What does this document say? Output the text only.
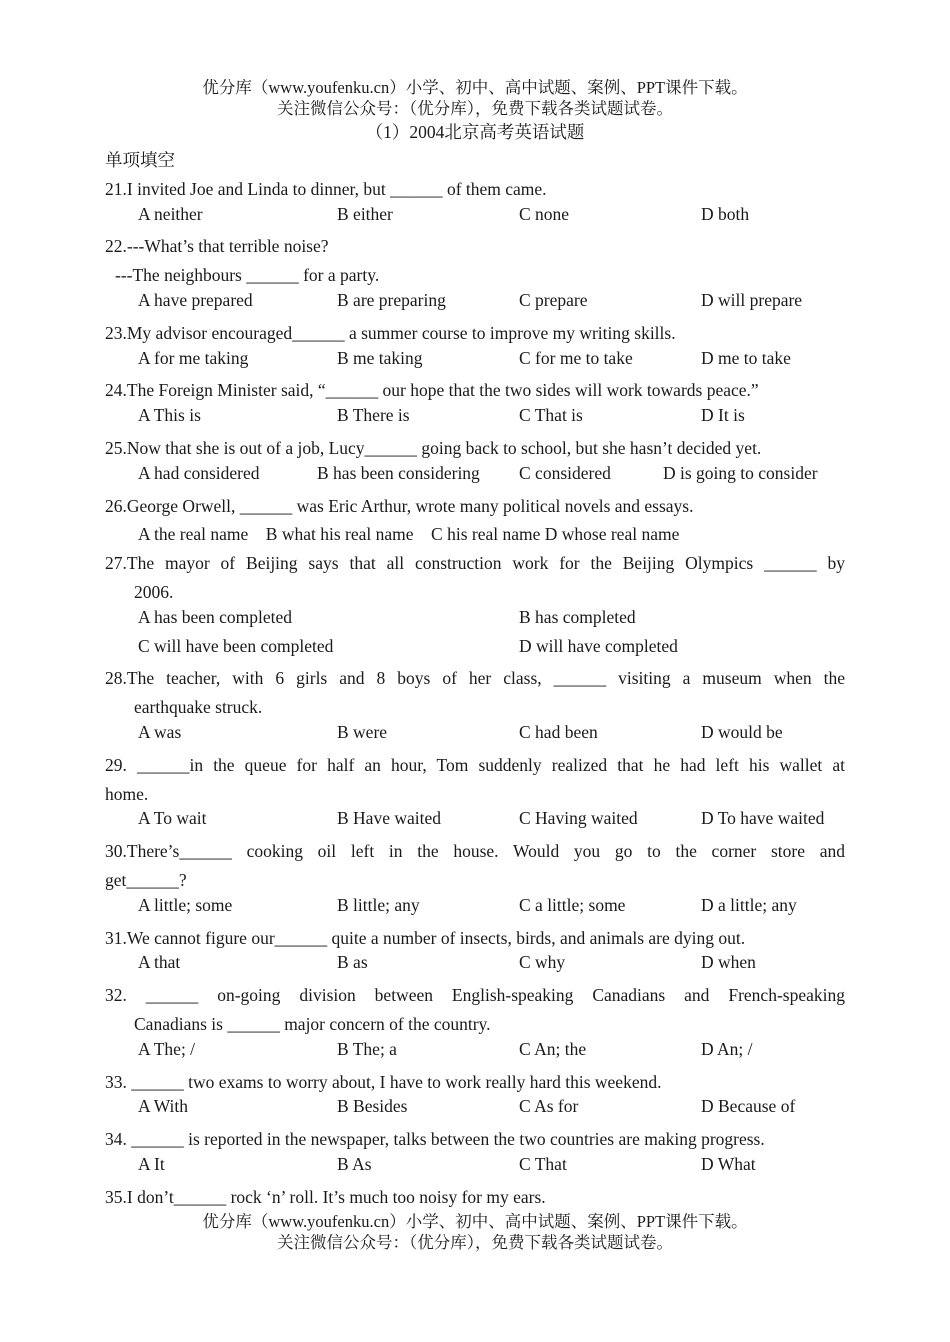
优分库（www.youfenku.cn）小学、初中、高中试题、案例、PPT课件下载。
关注微信公众号：（优分库），免费下载各类试题试卷。
（1）2004北京高考英语试题
单项填空
21.I invited Joe and Linda to dinner, but ______ of them came.
A neither	B either	C none	D both
22.---What’s that terrible noise?
---The neighbours ______ for a party.
A have prepared	B are preparing	C prepare	D will prepare
23.My advisor encouraged______ a summer course to improve my writing skills.
A for me taking	B me taking	C for me to take	D me to take
24.The Foreign Minister said, “______ our hope that the two sides will work towards peace.”
A This is	B There is	C That is	D It is
25.Now that she is out of a job, Lucy______ going back to school, but she hasn’t decided yet.
A had considered	B has been considering C considered	D is going to consider
26.George Orwell, ______ was Eric Arthur, wrote many political novels and essays.
A the real name    B what his real name    C his real name D whose real name
27.The mayor of Beijing says that all construction work for the Beijing Olympics ______ by
2006.
A has been completed	B has completed
C will have been completed	D will have completed
28.The teacher, with 6 girls and 8 boys of her class, ______ visiting a museum when the
earthquake struck.
A was	B were	C had been	D would be
29. ______in the queue for half an hour, Tom suddenly realized that he had left his wallet at
home.
A To wait	B Have waited	C Having waited	D To have waited
30.There’s______ cooking oil left in the house. Would you go to the corner store and
get______?
A little; some	B little; any	C a little; some	D a little; any
31.We cannot figure our______ quite a number of insects, birds, and animals are dying out.
A that	B as	C why	D when
32. ______ on-going division between English-speaking Canadians and French-speaking
Canadians is ______ major concern of the country.
A The; /	B The; a	C An; the	D An; /
33. ______ two exams to worry about, I have to work really hard this weekend.
A With	B Besides	C As for	D Because of
34. ______ is reported in the newspaper, talks between the two countries are making progress.
A It	B As	C That	D What
35.I don’t______ rock ‘n’ roll. It’s much too noisy for my ears.
优分库（www.youfenku.cn）小学、初中、高中试题、案例、PPT课件下载。
关注微信公众号：（优分库），免费下载各类试题试卷。
